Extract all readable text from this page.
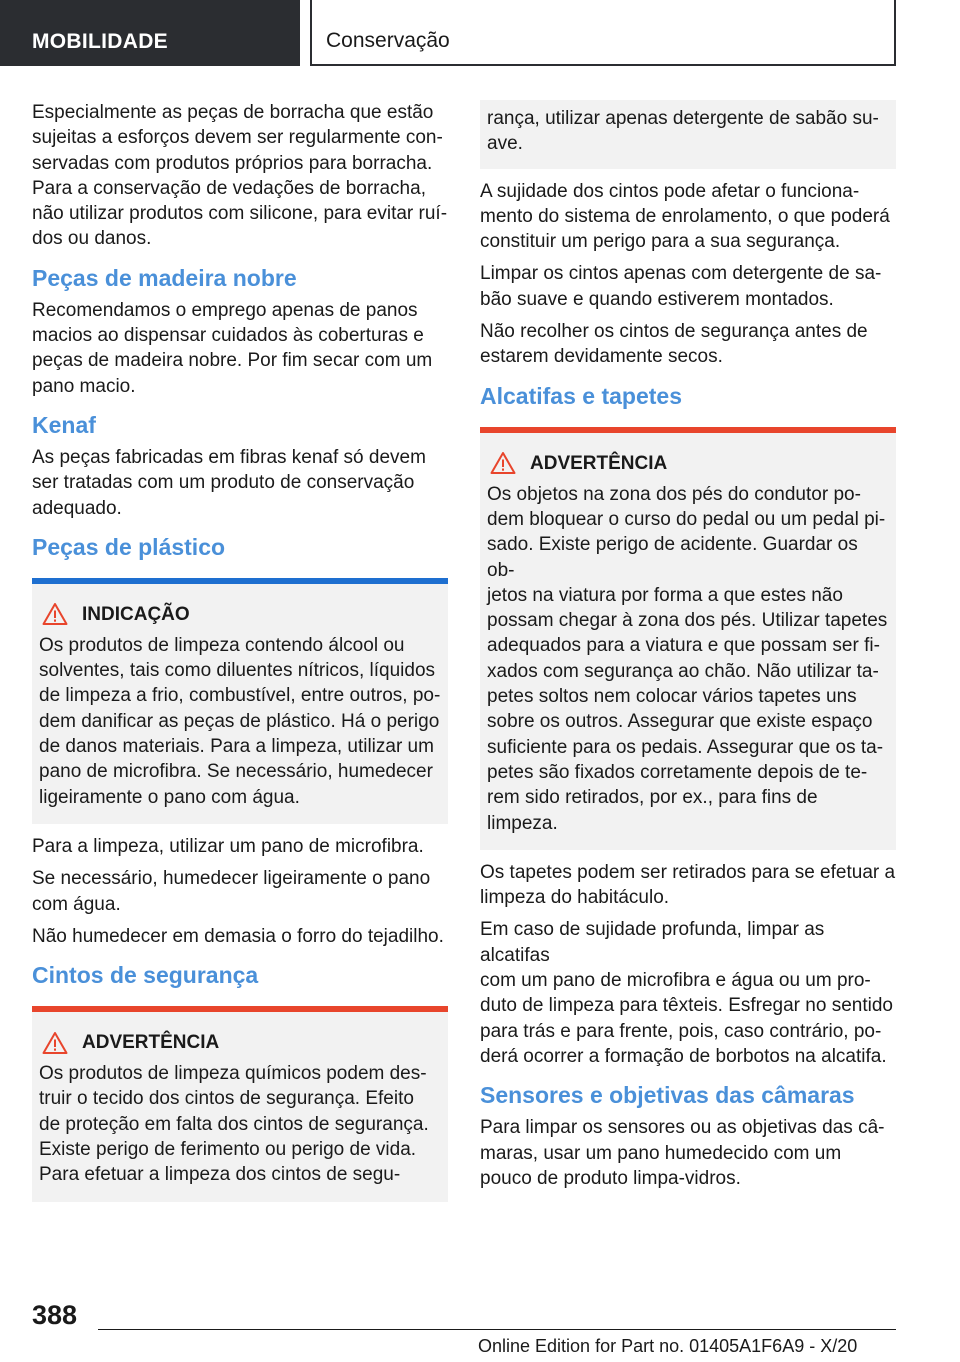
MOBILIDADE	Conservação
Especialmente as peças de borracha que estão
sujeitas a esforços devem ser regularmente con-
servadas com produtos próprios para borracha.
Para a conservação de vedações de borracha,
não utilizar produtos com silicone, para evitar ruí-
dos ou danos.
Peças de madeira nobre
Recomendamos o emprego apenas de panos
macios ao dispensar cuidados às coberturas e
peças de madeira nobre. Por fim secar com um
pano macio.
Kenaf
As peças fabricadas em fibras kenaf só devem
ser tratadas com um produto de conservação
adequado.
Peças de plástico
INDICAÇÃO
Os produtos de limpeza contendo álcool ou
solventes, tais como diluentes nítricos, líquidos
de limpeza a frio, combustível, entre outros, po-
dem danificar as peças de plástico. Há o perigo
de danos materiais. Para a limpeza, utilizar um
pano de microfibra. Se necessário, humedecer
ligeiramente o pano com água.
Para a limpeza, utilizar um pano de microfibra.
Se necessário, humedecer ligeiramente o pano
com água.
Não humedecer em demasia o forro do tejadilho.
Cintos de segurança
ADVERTÊNCIA
Os produtos de limpeza químicos podem des-
truir o tecido dos cintos de segurança. Efeito
de proteção em falta dos cintos de segurança.
Existe perigo de ferimento ou perigo de vida.
Para efetuar a limpeza dos cintos de segu-
rança, utilizar apenas detergente de sabão su-
ave.
A sujidade dos cintos pode afetar o funciona-
mento do sistema de enrolamento, o que poderá
constituir um perigo para a sua segurança.
Limpar os cintos apenas com detergente de sa-
bão suave e quando estiverem montados.
Não recolher os cintos de segurança antes de
estarem devidamente secos.
Alcatifas e tapetes
ADVERTÊNCIA
Os objetos na zona dos pés do condutor po-
dem bloquear o curso do pedal ou um pedal pi-
sado. Existe perigo de acidente. Guardar os ob-
jetos na viatura por forma a que estes não
possam chegar à zona dos pés. Utilizar tapetes
adequados para a viatura e que possam ser fi-
xados com segurança ao chão. Não utilizar ta-
petes soltos nem colocar vários tapetes uns
sobre os outros. Assegurar que existe espaço
suficiente para os pedais. Assegurar que os ta-
petes são fixados corretamente depois de te-
rem sido retirados, por ex., para fins de limpeza.
Os tapetes podem ser retirados para se efetuar a
limpeza do habitáculo.
Em caso de sujidade profunda, limpar as alcatifas
com um pano de microfibra e água ou um pro-
duto de limpeza para têxteis. Esfregar no sentido
para trás e para frente, pois, caso contrário, po-
derá ocorrer a formação de borbotos na alcatifa.
Sensores e objetivas das câmaras
Para limpar os sensores ou as objetivas das câ-
maras, usar um pano humedecido com um
pouco de produto limpa-vidros.
388
Online Edition for Part no. 01405A1F6A9 - X/20
